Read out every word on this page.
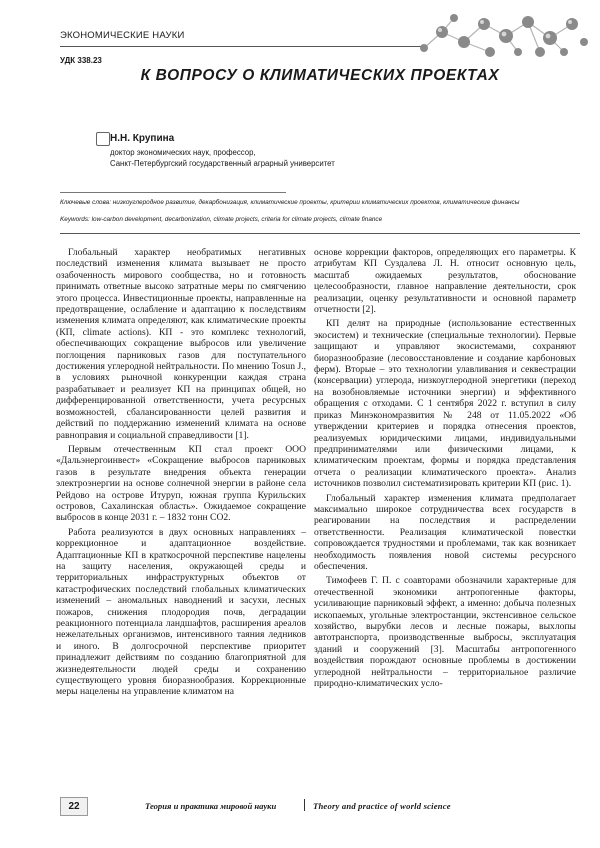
ЭКОНОМИЧЕСКИЕ НАУКИ
УДК 338.23
К ВОПРОСУ О КЛИМАТИЧЕСКИХ ПРОЕКТАХ
Н.Н. Крупина
доктор экономических наук, профессор,
Санкт-Петербургский государственный аграрный университет
Ключевые слова: низкоуглеродное развитие, декарбонизация, климатические проекты, критерии климатических проектов, климатические финансы
Keywords: low-carbon development, decarbonization, climate projects, criteria for climate projects, climate finance

Глобальный характер необратимых негативных последствий изменения климата вызывает не просто озабоченность мирового сообщества, но и готовность принимать ответные высоко затратные меры по смягчению этого процесса. Инвестиционные проекты, направленные на предотвращение, ослабление и адаптацию к последствиям изменения климата определяют, как климатические проекты (КП, climate actions). КП - это комплекс технологий, обеспечивающих сокращение выбросов или увеличение поглощения парниковых газов для поступательного достижения углеродной нейтральности. По мнению Tosun J., в условиях рыночной конкуренции каждая страна разрабатывает и реализует КП на принципах общей, но дифференцированной ответственности, учета ресурсных возможностей, сбалансированности целей развития и действий по поддержанию изменений климата на основе равноправия и социальной справедливости [1].

Первым отечественным КП стал проект ООО «Дальэнергоинвест» «Сокращение выбросов парниковых газов в результате внедрения объекта генерации электроэнергии на основе солнечной энергии в районе села Рейдово на острове Итуруп, южная группа Курильских островов, Сахалинская область». Ожидаемое сокращение выбросов в конце 2031 г. – 1832 тонн СО2.

Работа реализуются в двух основных направлениях – коррекционное и адаптационное воздействие. Адаптационные КП в краткосрочной перспективе нацелены на защиту населения, окружающей среды и территориальных инфраструктурных объектов от катастрофических последствий глобальных климатических изменений – аномальных наводнений и засухи, лесных пожаров, снижения плодородия почв, деградации реакционного потенциала ландшафтов, расширения ареалов нежелательных организмов, интенсивного таяния ледников и иного. В долгосрочной перспективе приоритет принадлежит действиям по созданию благоприятной для жизнедеятельности людей среды и сохранению существующего уровня биоразнообразия. Коррекционные меры нацелены на управление климатом на

основе коррекции факторов, определяющих его параметры. К атрибутам КП Суздалева Л. Н. относит основную цель, масштаб ожидаемых результатов, обоснование целесообразности, главное направление деятельности, срок реализации, оценку результативности и основной параметр отчетности [2].

КП делят на природные (использование естественных экосистем) и технические (специальные технологии). Первые защищают и управляют экосистемами, сохраняют биоразнообразие (лесовосстановление и создание карбоновых ферм). Вторые – это технологии улавливания и секвестрации (консервации) углерода, низкоуглеродной энергетики (переход на возобновляемые источники энергии) и эффективного обращения с отходами. С 1 сентября 2022 г. вступил в силу приказ Минэкономразвития № 248 от 11.05.2022 «Об утверждении критериев и порядка отнесения проектов, реализуемых юридическими лицами, индивидуальными предпринимателями или физическими лицами, к климатическим проектам, формы и порядка представления отчета о реализации климатического проекта». Анализ источников позволил систематизировать критерии КП (рис. 1).

Глобальный характер изменения климата предполагает максимально широкое сотрудничества всех государств в реагировании на последствия и распределении ответственности. Реализация климатической повестки сопровождается трудностями и проблемами, так как возникает необходимость появления новой системы ресурсного обеспечения.

Тимофеев Г. П. с соавторами обозначили характерные для отечественной экономики антропогенные факторы, усиливающие парниковый эффект, а именно: добыча полезных ископаемых, угольные электростанции, экстенсивное сельское хозяйство, вырубки лесов и лесные пожары, выхлопы автотранспорта, производственные выбросы, эксплуатация зданий и сооружений [3]. Масштабы антропогенного воздействия порождают основные проблемы в достижении углеродной нейтральности – территориальное различие природно-климатических усло-

22	Теория и практика мировой науки	Theory and practice of world science
